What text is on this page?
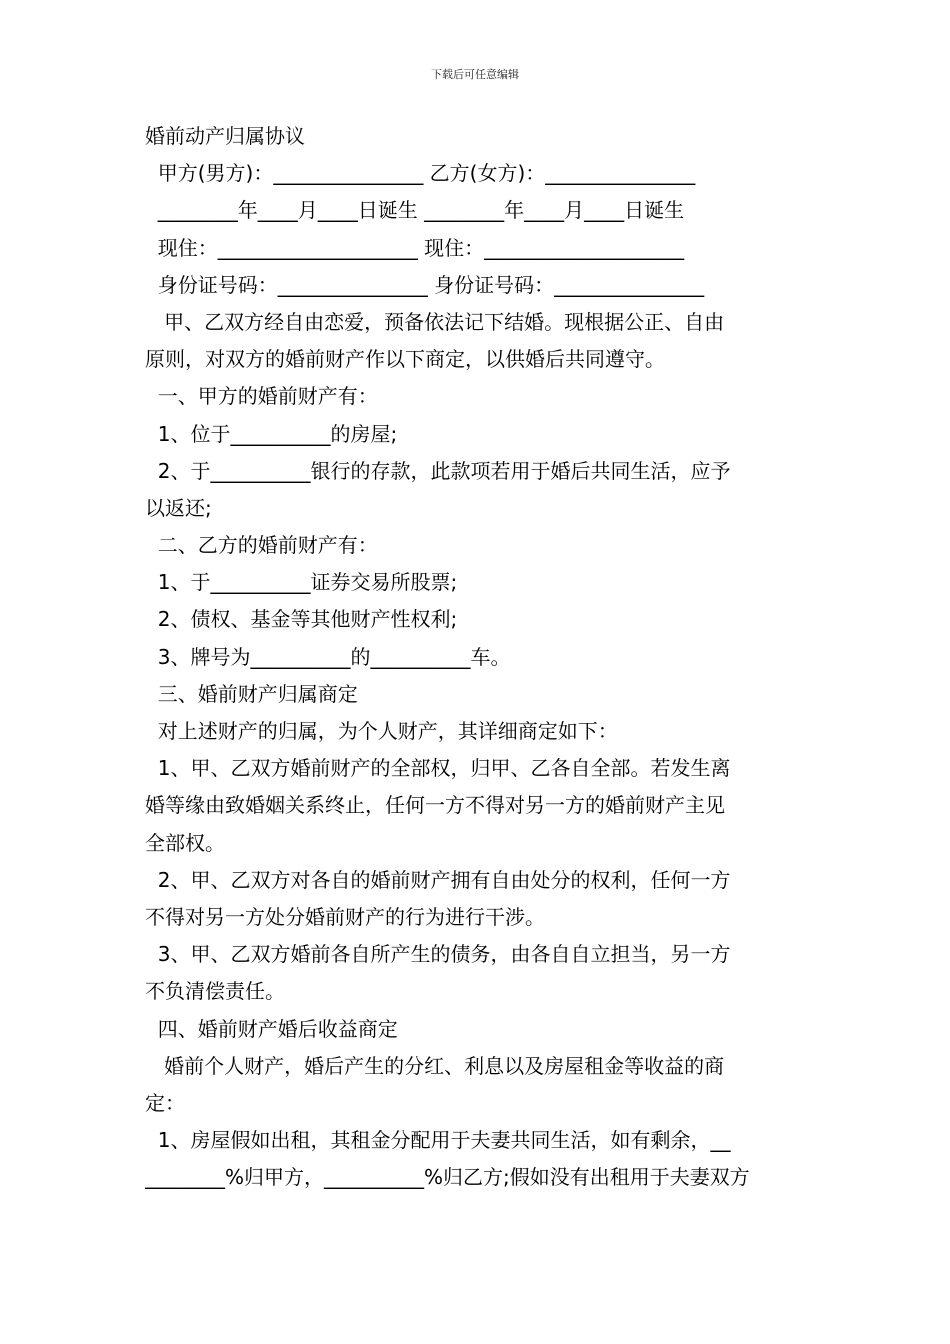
下载后可任意编辑
婚前动产归属协议
甲方(男方)：_______________ 乙方(女方)：_______________
________年____月____日诞生 ________年____月____日诞生
现住：____________________ 现住：____________________
身份证号码：_______________ 身份证号码：_______________
甲、乙双方经自由恋爱，预备依法记下结婚。现根据公正、自由
原则，对双方的婚前财产作以下商定，以供婚后共同遵守。
一、甲方的婚前财产有：
1、位于__________的房屋;
2、于__________银行的存款，此款项若用于婚后共同生活，应予
以返还;
二、乙方的婚前财产有：
1、于__________证券交易所股票;
2、债权、基金等其他财产性权利;
3、牌号为__________的__________车。
三、婚前财产归属商定
对上述财产的归属，为个人财产，其详细商定如下：
1、甲、乙双方婚前财产的全部权，归甲、乙各自全部。若发生离
婚等缘由致婚姻关系终止，任何一方不得对另一方的婚前财产主见
全部权。
2、甲、乙双方对各自的婚前财产拥有自由处分的权利，任何一方
不得对另一方处分婚前财产的行为进行干涉。
3、甲、乙双方婚前各自所产生的债务，由各自自立担当，另一方
不负清偿责任。
四、婚前财产婚后收益商定
婚前个人财产，婚后产生的分红、利息以及房屋租金等收益的商
定：
1、房屋假如出租，其租金分配用于夫妻共同生活，如有剩余，__
________%归甲方，__________%归乙方;假如没有出租用于夫妻双方
